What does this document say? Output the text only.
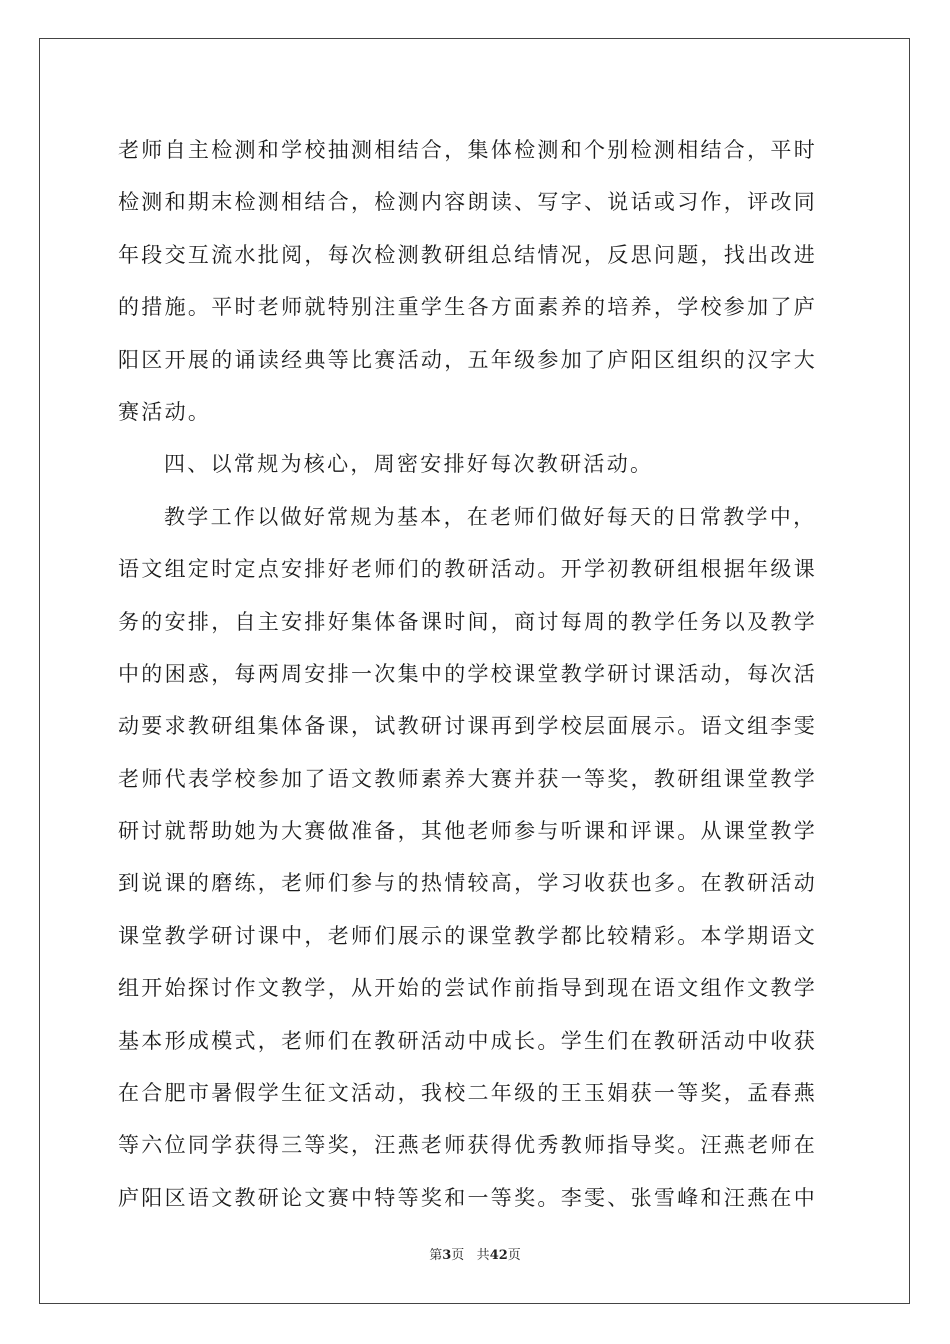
老师自主检测和学校抽测相结合，集体检测和个别检测相结合，平时
检测和期末检测相结合，检测内容朗读、写字、说话或习作，评改同
年段交互流水批阅，每次检测教研组总结情况，反思问题，找出改进
的措施。平时老师就特别注重学生各方面素养的培养，学校参加了庐
阳区开展的诵读经典等比赛活动，五年级参加了庐阳区组织的汉字大
赛活动。
四、以常规为核心，周密安排好每次教研活动。
教学工作以做好常规为基本，在老师们做好每天的日常教学中，
语文组定时定点安排好老师们的教研活动。开学初教研组根据年级课
务的安排，自主安排好集体备课时间，商讨每周的教学任务以及教学
中的困惑，每两周安排一次集中的学校课堂教学研讨课活动，每次活
动要求教研组集体备课，试教研讨课再到学校层面展示。语文组李雯
老师代表学校参加了语文教师素养大赛并获一等奖，教研组课堂教学
研讨就帮助她为大赛做准备，其他老师参与听课和评课。从课堂教学
到说课的磨练，老师们参与的热情较高，学习收获也多。在教研活动
课堂教学研讨课中，老师们展示的课堂教学都比较精彩。本学期语文
组开始探讨作文教学，从开始的尝试作前指导到现在语文组作文教学
基本形成模式，老师们在教研活动中成长。学生们在教研活动中收获
在合肥市暑假学生征文活动，我校二年级的王玉娟获一等奖，孟春燕
等六位同学获得三等奖，汪燕老师获得优秀教师指导奖。汪燕老师在
庐阳区语文教研论文赛中特等奖和一等奖。李雯、张雪峰和汪燕在中
第3页 共42页
